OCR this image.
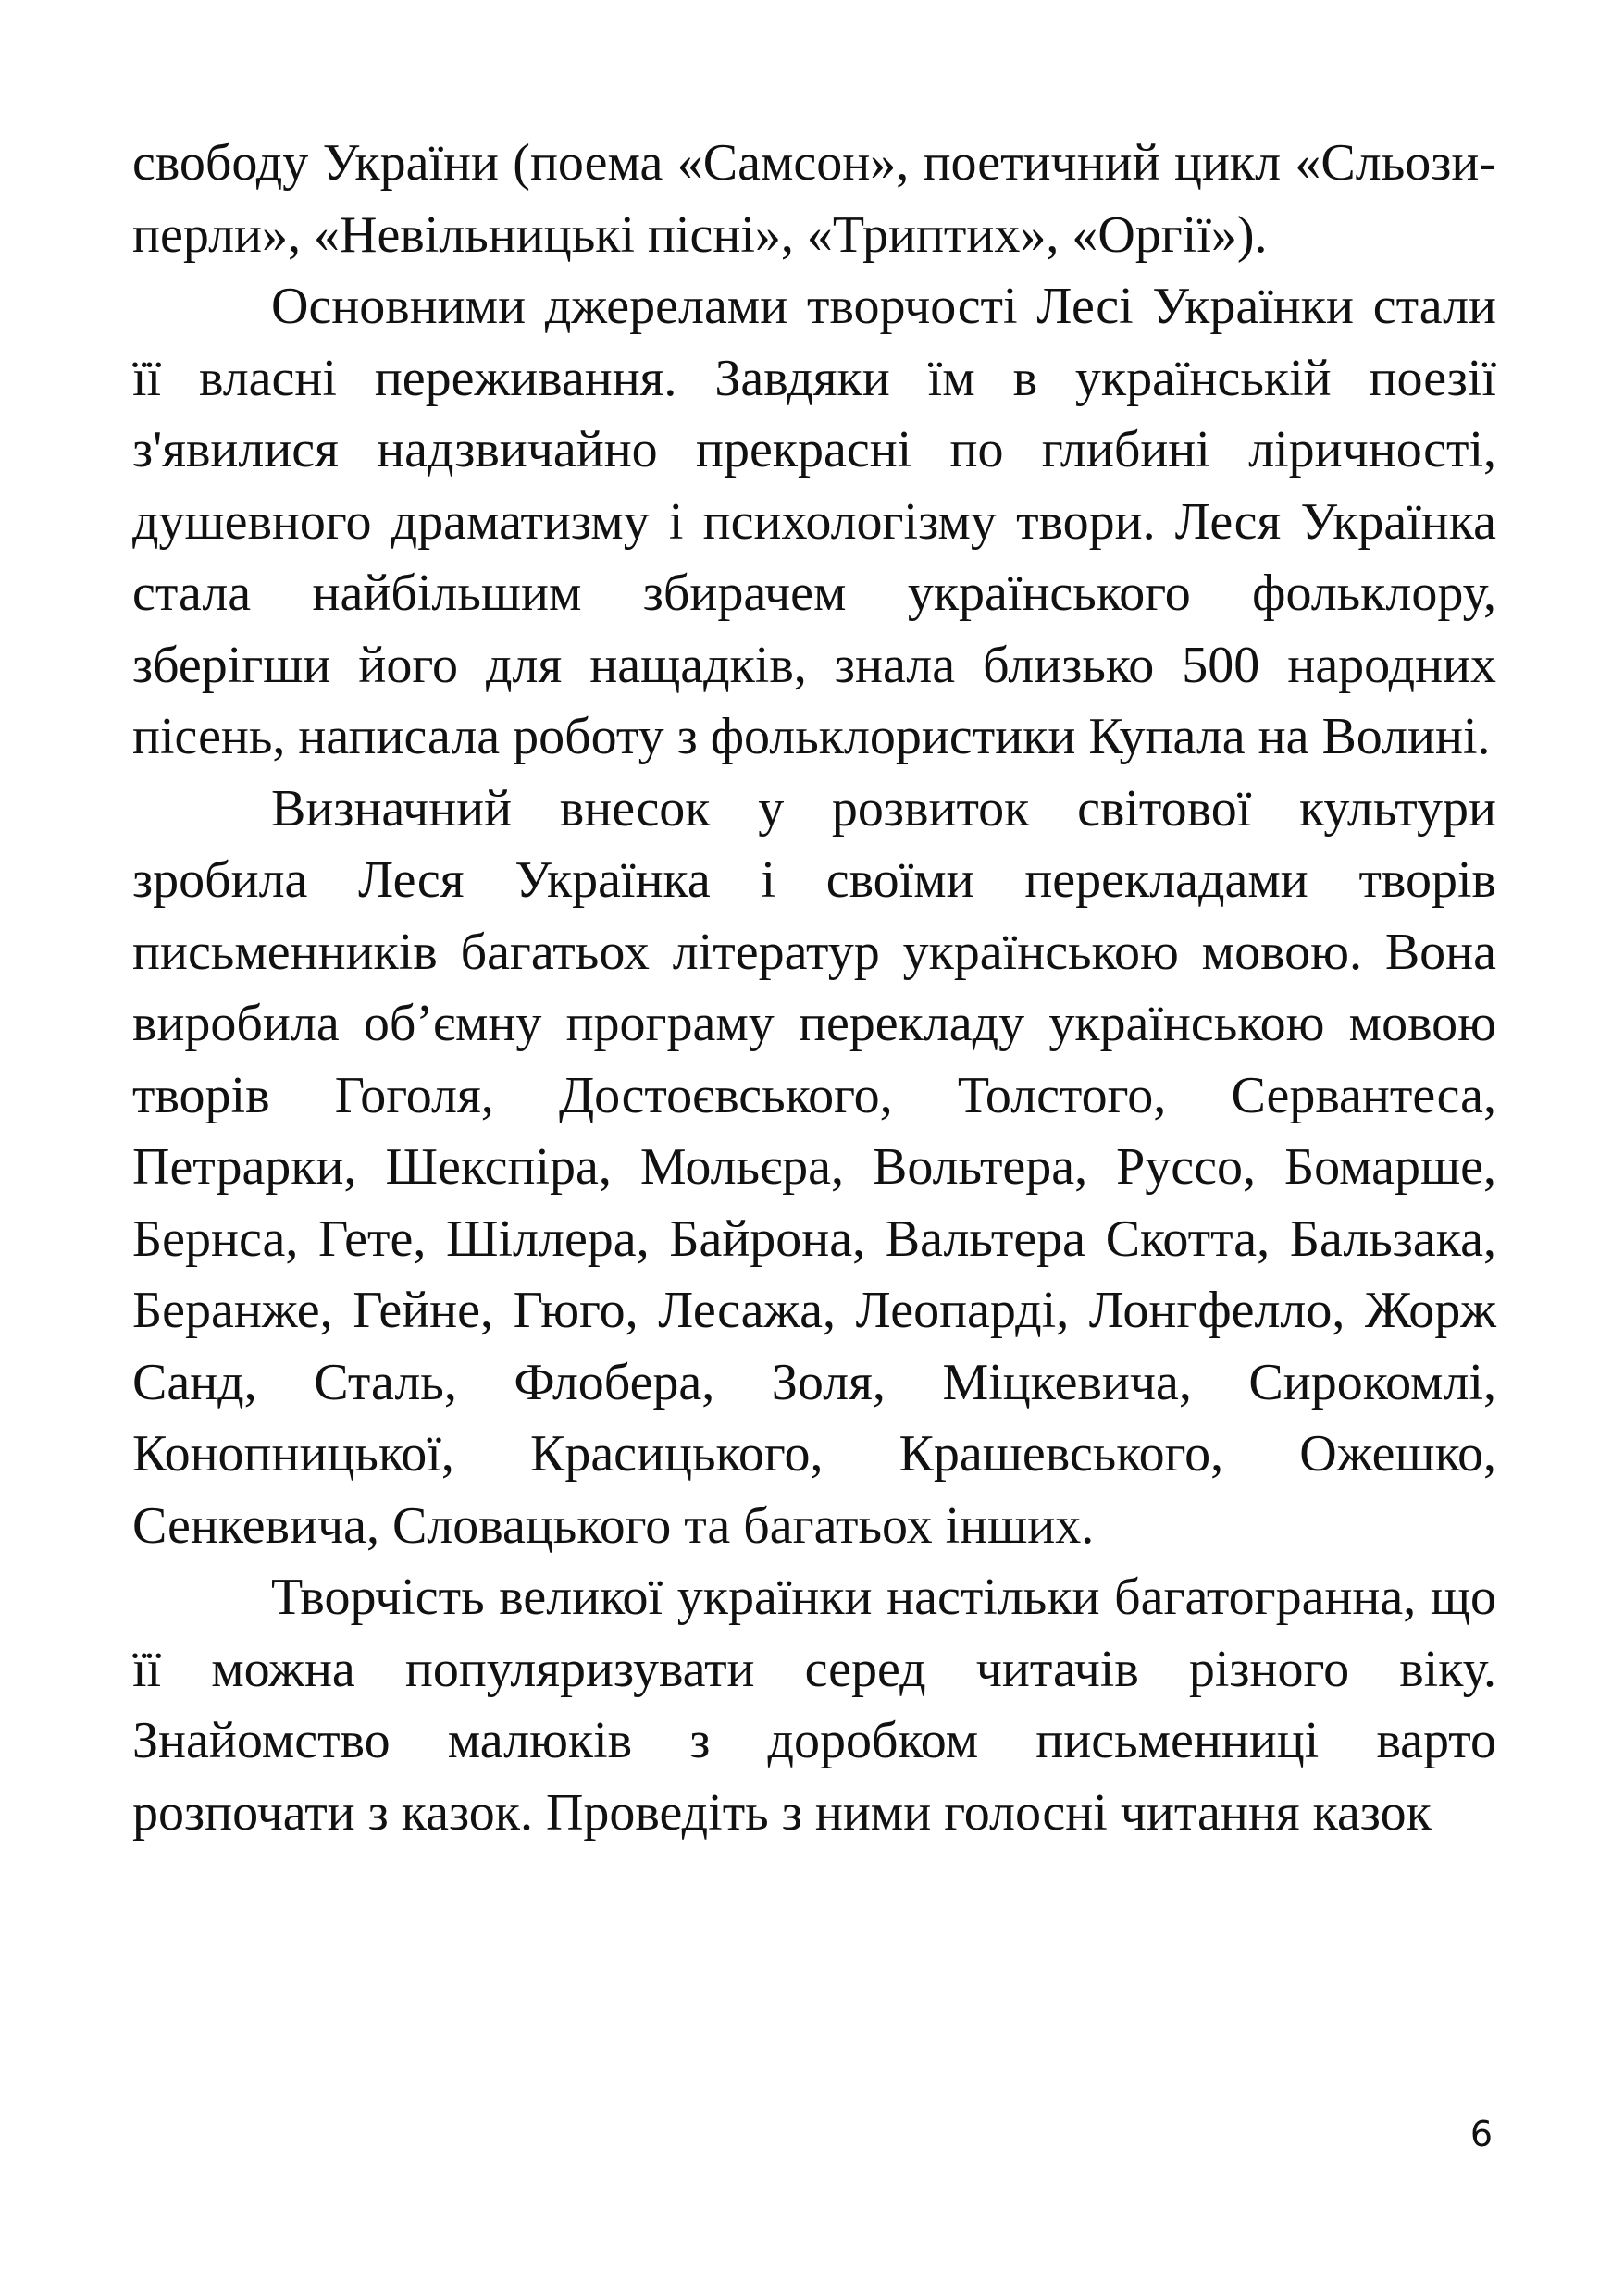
свободу України (поема «Самсон», поетичний цикл «Сльози-перли», «Невільницькі пісні», «Триптих», «Оргії»).

Основними джерелами творчості Лесі Українки стали її власні переживання. Завдяки їм в українській поезії з'явилися надзвичайно прекрасні по глибині ліричності, душевного драматизму і психологізму твори. Леся Українка стала найбільшим збирачем українського фольклору, зберігши його для нащадків, знала близько 500 народних пісень, написала роботу з фольклористики Купала на Волині.

Визначний внесок у розвиток світової культури зробила Леся Українка і своїми перекладами творів письменників багатьох літератур українською мовою. Вона виробила об’ємну програму перекладу українською мовою творів Гоголя, Достоєвського, Толстого, Сервантеса, Петрарки, Шекспіра, Мольєра, Вольтера, Руссо, Бомарше, Бернса, Гете, Шіллера, Байрона, Вальтера Скотта, Бальзака, Беранже, Гейне, Гюго, Лесажа, Леопарді, Лонгфелло, Жорж Санд, Сталь, Флобера, Золя, Міцкевича, Сирокомлі, Конопницької, Красицького, Крашевського, Ожешко, Сенкевича, Словацького та багатьох інших.

Творчість великої українки настільки багатогранна, що її можна популяризувати серед читачів різного віку. Знайомство малюків з доробком письменниці варто розпочати з казок. Проведіть з ними голосні читання казок

6
